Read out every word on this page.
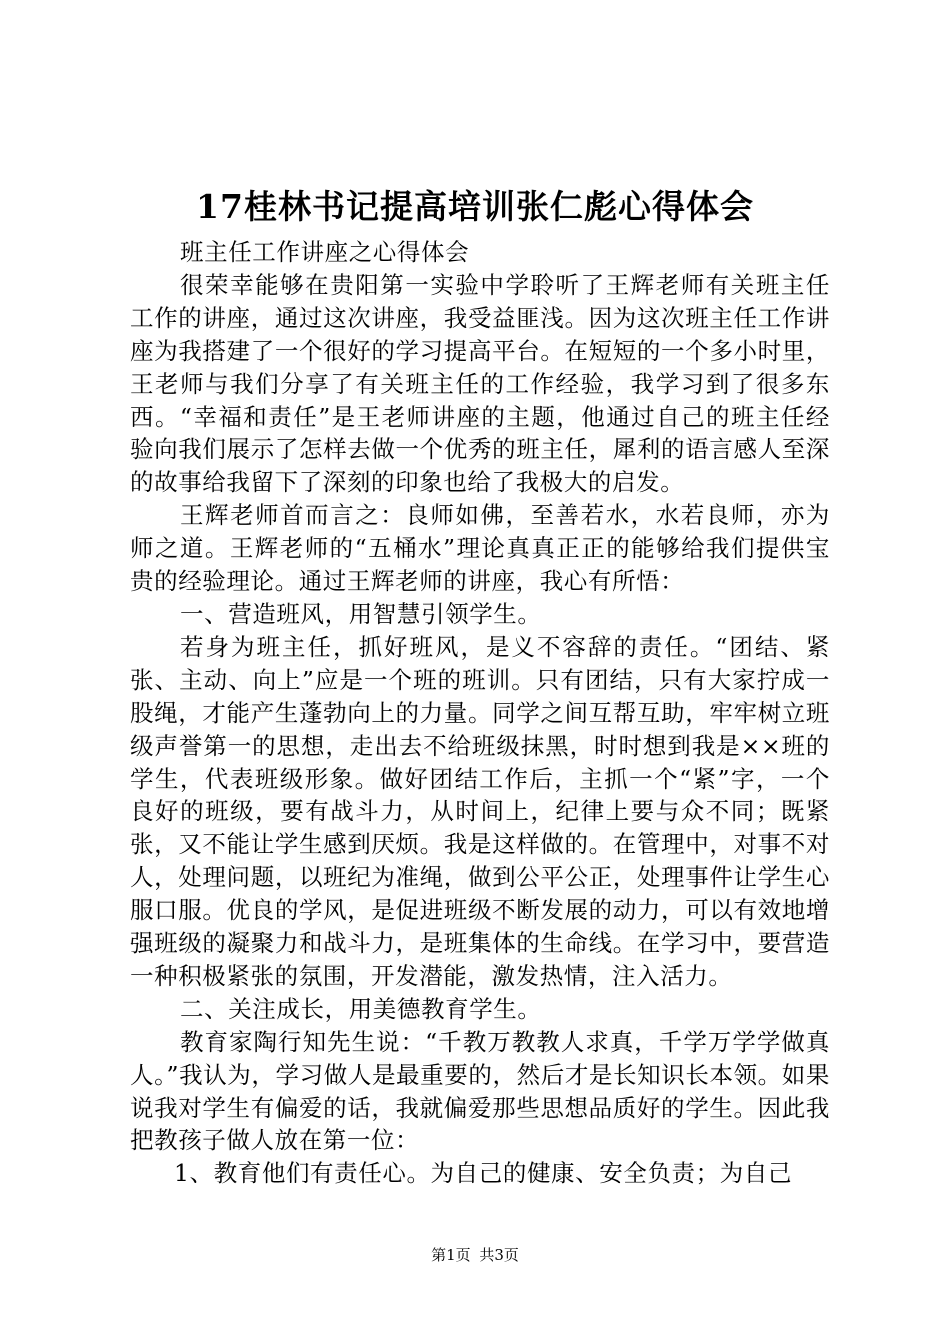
17桂林书记提高培训张仁彪心得体会

班主任工作讲座之心得体会

很荣幸能够在贵阳第一实验中学聆听了王辉老师有关班主任工作的讲座，通过这次讲座，我受益匪浅。因为这次班主任工作讲座为我搭建了一个很好的学习提高平台。在短短的一个多小时里，王老师与我们分享了有关班主任的工作经验，我学习到了很多东西。“幸福和责任”是王老师讲座的主题，他通过自己的班主任经验向我们展示了怎样去做一个优秀的班主任，犀利的语言感人至深的故事给我留下了深刻的印象也给了我极大的启发。

王辉老师首而言之：良师如佛，至善若水，水若良师，亦为师之道。王辉老师的“五桶水”理论真真正正的能够给我们提供宝贵的经验理论。通过王辉老师的讲座，我心有所悟：

一、营造班风，用智慧引领学生。

若身为班主任，抓好班风，是义不容辞的责任。“团结、紧张、主动、向上”应是一个班的班训。只有团结，只有大家拧成一股绳，才能产生蓬勃向上的力量。同学之间互帮互助，牢牢树立班级声誉第一的思想，走出去不给班级抹黑，时时想到我是××班的学生，代表班级形象。做好团结工作后，主抓一个“紧”字，一个良好的班级，要有战斗力，从时间上，纪律上要与众不同；既紧张，又不能让学生感到厌烦。我是这样做的。在管理中，对事不对人，处理问题，以班纪为准绳，做到公平公正，处理事件让学生心服口服。优良的学风，是促进班级不断发展的动力，可以有效地增强班级的凝聚力和战斗力，是班集体的生命线。在学习中，要营造一种积极紧张的氛围，开发潜能，激发热情，注入活力。

二、关注成长，用美德教育学生。

教育家陶行知先生说：“千教万教教人求真，千学万学学做真人。”我认为，学习做人是最重要的，然后才是长知识长本领。如果说我对学生有偏爱的话，我就偏爱那些思想品质好的学生。因此我把教孩子做人放在第一位：

1、教育他们有责任心。为自己的健康、安全负责；为自己

第1页 共3页
